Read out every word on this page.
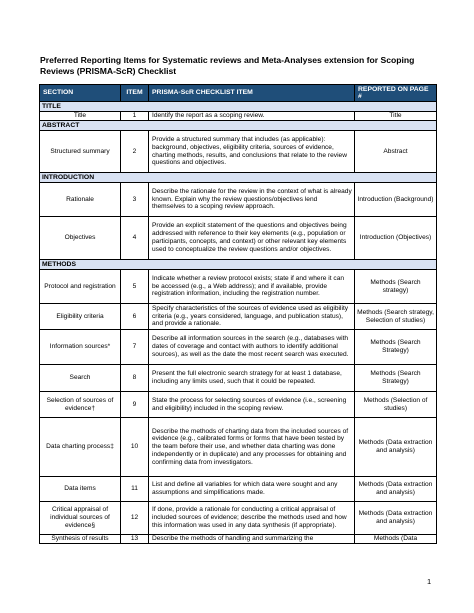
Preferred Reporting Items for Systematic reviews and Meta-Analyses extension for Scoping Reviews (PRISMA-ScR) Checklist
SECTION	ITEM	PRISMA-ScR CHECKLIST ITEM	REPORTED ON PAGE #
TITLE			
Title	1	Identify the report as a scoping review.	Title
ABSTRACT			
Structured summary	2	Provide a structured summary that includes (as applicable): background, objectives, eligibility criteria, sources of evidence, charting methods, results, and conclusions that relate to the review questions and objectives.	Abstract
INTRODUCTION			
Rationale	3	Describe the rationale for the review in the context of what is already known. Explain why the review questions/objectives lend themselves to a scoping review approach.	Introduction (Background)
Objectives	4	Provide an explicit statement of the questions and objectives being addressed with reference to their key elements (e.g., population or participants, concepts, and context) or other relevant key elements used to conceptualize the review questions and/or objectives.	Introduction (Objectives)
METHODS			
Protocol and registration	5	Indicate whether a review protocol exists; state if and where it can be accessed (e.g., a Web address); and if available, provide registration information, including the registration number.	Methods (Search strategy)
Eligibility criteria	6	Specify characteristics of the sources of evidence used as eligibility criteria (e.g., years considered, language, and publication status), and provide a rationale.	Methods (Search strategy, Selection of studies)
Information sources*	7	Describe all information sources in the search (e.g., databases with dates of coverage and contact with authors to identify additional sources), as well as the date the most recent search was executed.	Methods (Search Strategy)
Search	8	Present the full electronic search strategy for at least 1 database, including any limits used, such that it could be repeated.	Methods (Search Strategy)
Selection of sources of evidence†	9	State the process for selecting sources of evidence (i.e., screening and eligibility) included in the scoping review.	Methods (Selection of studies)
Data charting process‡	10	Describe the methods of charting data from the included sources of evidence (e.g., calibrated forms or forms that have been tested by the team before their use, and whether data charting was done independently or in duplicate) and any processes for obtaining and confirming data from investigators.	Methods (Data extraction and analysis)
Data items	11	List and define all variables for which data were sought and any assumptions and simplifications made.	Methods (Data extraction and analysis)
Critical appraisal of individual sources of evidence§	12	If done, provide a rationale for conducting a critical appraisal of included sources of evidence; describe the methods used and how this information was used in any data synthesis (if appropriate).	Methods (Data extraction and analysis)
Synthesis of results	13	Describe the methods of handling and summarizing the	Methods (Data
1
